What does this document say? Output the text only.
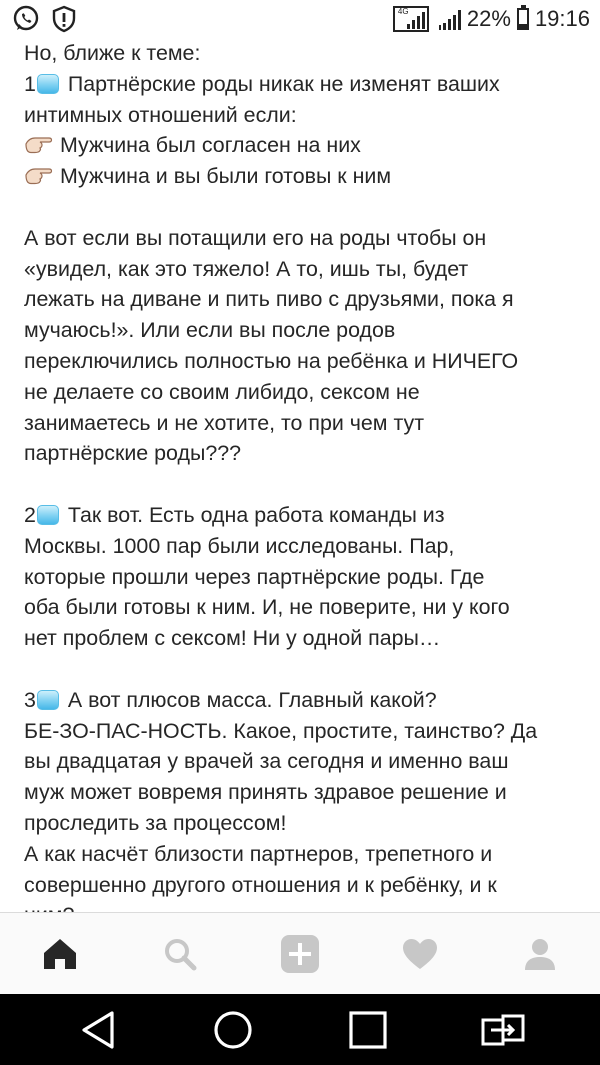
4G	22% 19:16
Но, ближе к теме:
1 Партнёрские роды никак не изменят ваших
интимных отношений если:
Мужчина был согласен на них
Мужчина и вы были готовы к ним
А вот если вы потащили его на роды чтобы он
«увидел, как это тяжело! А то, ишь ты, будет
лежать на диване и пить пиво с друзьями, пока я
мучаюсь!». Или если вы после родов
переключились полностью на ребёнка и НИЧЕГО
не делаете со своим либидо, сексом не
занимаетесь и не хотите, то при чем тут
партнёрские роды???
2 Так вот. Есть одна работа команды из
Москвы. 1000 пар были исследованы. Пар,
которые прошли через партнёрские роды. Где
оба были готовы к ним. И, не поверите, ни у кого
нет проблем с сексом! Ни у одной пары…
3 А вот плюсов масса. Главный какой?
БЕ-ЗО-ПАС-НОСТЬ. Какое, простите, таинство? Да
вы двадцатая у врачей за сегодня и именно ваш
муж может вовремя принять здравое решение и
проследить за процессом!
А как насчёт близости партнеров, трепетного и
совершенно другого отношения и к ребёнку, и к
